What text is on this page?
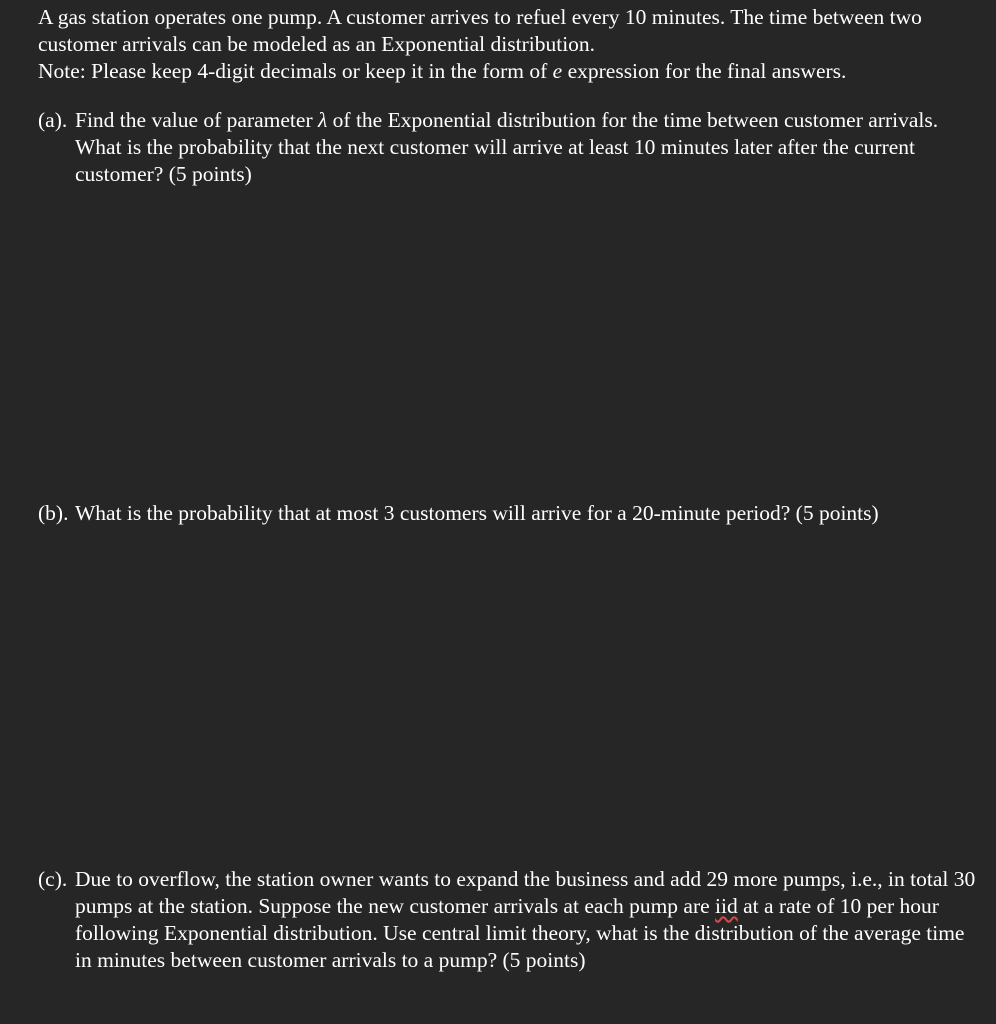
A gas station operates one pump. A customer arrives to refuel every 10 minutes. The time between two customer arrivals can be modeled as an Exponential distribution.

Note: Please keep 4-digit decimals or keep it in the form of e expression for the final answers.

(a). Find the value of parameter λ of the Exponential distribution for the time between customer arrivals. What is the probability that the next customer will arrive at least 10 minutes later after the current customer? (5 points)
(b). What is the probability that at most 3 customers will arrive for a 20-minute period? (5 points)
(c). Due to overflow, the station owner wants to expand the business and add 29 more pumps, i.e., in total 30 pumps at the station. Suppose the new customer arrivals at each pump are iid at a rate of 10 per hour following Exponential distribution. Use central limit theory, what is the distribution of the average time in minutes between customer arrivals to a pump? (5 points)
